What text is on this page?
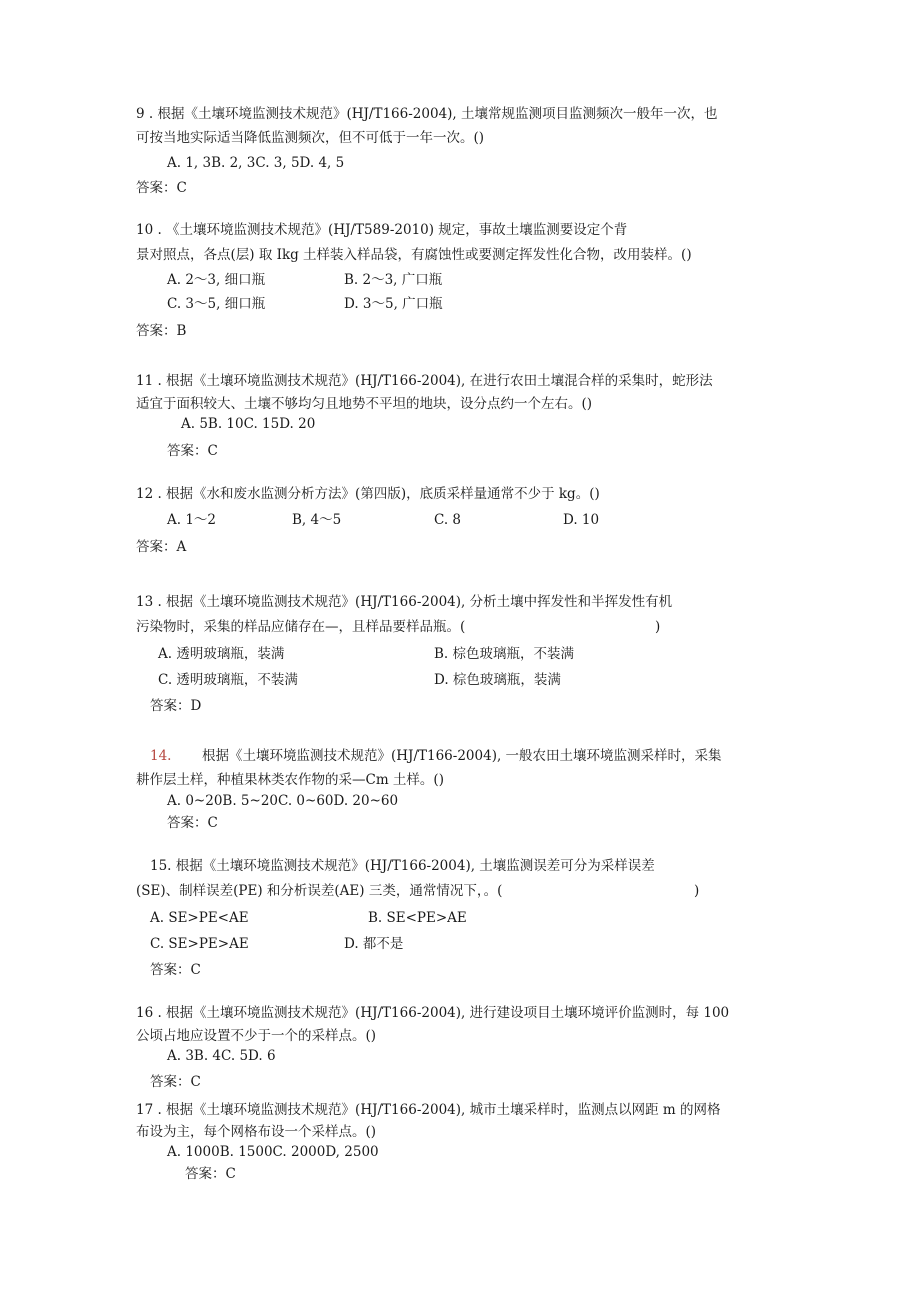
9 . 根据《土壤环境监测技术规范》(HJ/T166-2004), 土壤常规监测项目监测频次一般年一次，也
可按当地实际适当降低监测频次，但不可低于一年一次。()
A. 1, 3B. 2, 3C. 3, 5D. 4, 5
答案：C
10 . 《土壤环境监测技术规范》(HJ/T589-2010) 规定，事故土壤监测要设定个背
景对照点，各点(层) 取 Ikg 土样装入样品袋，有腐蚀性或要测定挥发性化合物，改用装样。()
A. 2～3, 细口瓶	B. 2～3, 广口瓶
C. 3～5, 细口瓶	D. 3～5, 广口瓶
答案：B
11 . 根据《土壤环境监测技术规范》(HJ/T166-2004), 在进行农田土壤混合样的采集时，蛇形法
适宜于面积较大、土壤不够均匀且地势不平坦的地块，设分点约一个左右。()
A. 5B. 10C. 15D. 20
答案：C
12 . 根据《水和废水监测分析方法》(第四版)，底质采样量通常不少于 kg。()
A. 1～2	B, 4～5	C. 8	D. 10
答案：A
13 . 根据《土壤环境监测技术规范》(HJ/T166-2004), 分析土壤中挥发性和半挥发性有机
污染物时，采集的样品应储存在—，且样品要样品瓶。(	)
A. 透明玻璃瓶，装满	B. 棕色玻璃瓶，不装满
C. 透明玻璃瓶，不装满	D. 棕色玻璃瓶，装满
答案：D
14. 根据《土壤环境监测技术规范》(HJ/T166-2004), 一般农田土壤环境监测采样时，采集
耕作层土样，种植果林类农作物的采—Cm 土样。()
A. 0~20B. 5~20C. 0~60D. 20~60
答案：C
15. 根据《土壤环境监测技术规范》(HJ/T166-2004), 土壤监测误差可分为采样误差
(SE)、制样误差(PE) 和分析误差(AE) 三类，通常情况下，。(	)
A. SE>PE<AE	B. SE<PE>AE
C. SE>PE>AE	D. 都不是
答案：C
16 . 根据《土壤环境监测技术规范》(HJ/T166-2004), 进行建设项目土壤环境评价监测时，每 100
公顷占地应设置不少于一个的采样点。()
A. 3B. 4C. 5D. 6
答案：C
17 . 根据《土壤环境监测技术规范》(HJ/T166-2004), 城市土壤采样时，监测点以网距 m 的网格
布设为主，每个网格布设一个采样点。()
A. 1000B. 1500C. 2000D, 2500
答案：C
